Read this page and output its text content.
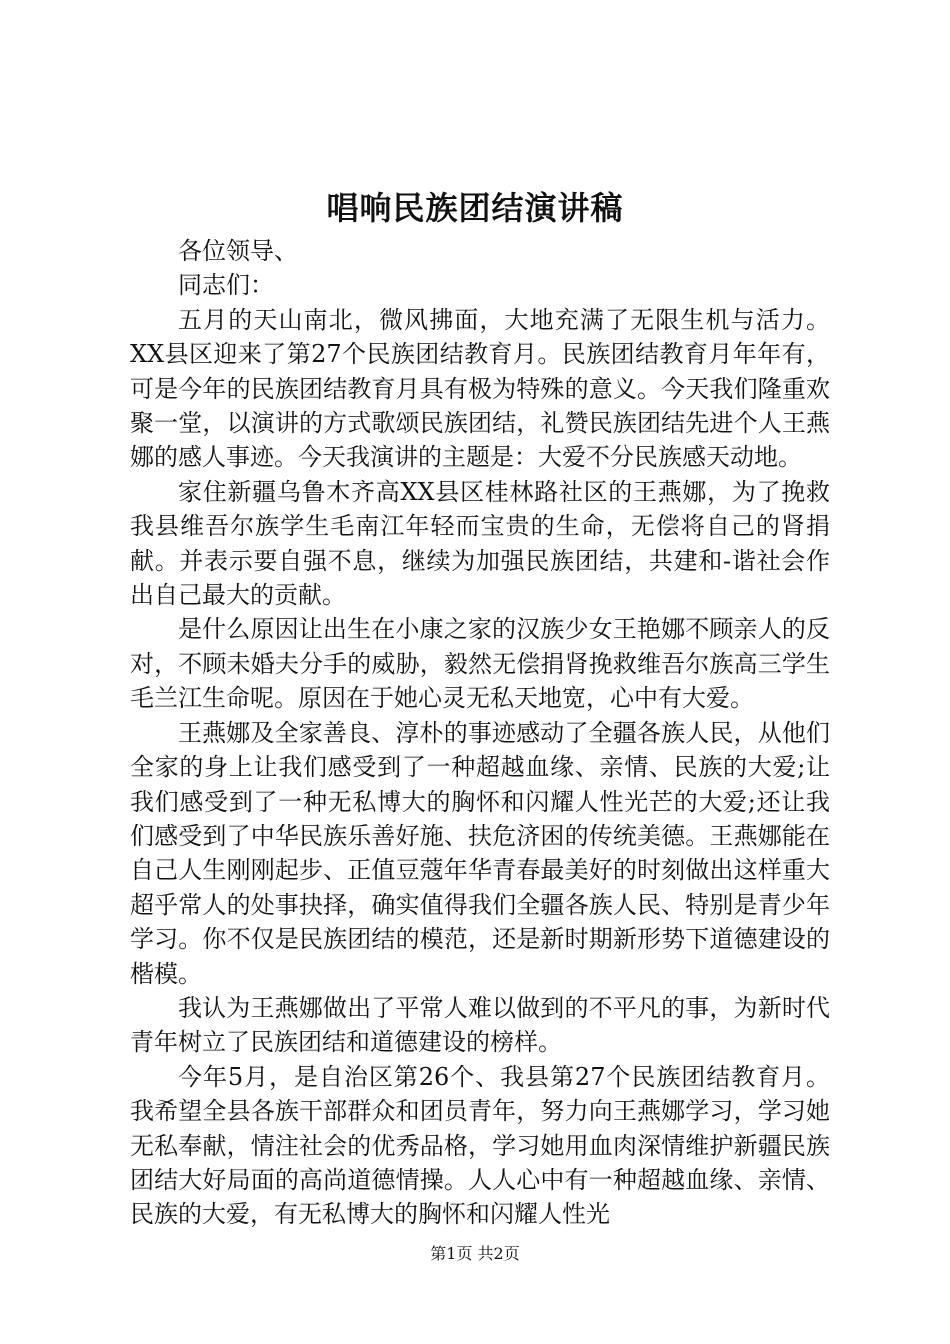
唱响民族团结演讲稿

各位领导、

同志们：

五月的天山南北，微风拂面，大地充满了无限生机与活力。XX县区迎来了第27个民族团结教育月。民族团结教育月年年有，可是今年的民族团结教育月具有极为特殊的意义。今天我们隆重欢聚一堂，以演讲的方式歌颂民族团结，礼赞民族团结先进个人王燕娜的感人事迹。今天我演讲的主题是：大爱不分民族感天动地。

家住新疆乌鲁木齐高XX县区桂林路社区的王燕娜，为了挽救我县维吾尔族学生毛南江年轻而宝贵的生命，无偿将自己的肾捐献。并表示要自强不息，继续为加强民族团结，共建和-谐社会作出自己最大的贡献。

是什么原因让出生在小康之家的汉族少女王艳娜不顾亲人的反对，不顾未婚夫分手的威胁，毅然无偿捐肾挽救维吾尔族高三学生毛兰江生命呢。原因在于她心灵无私天地宽，心中有大爱。

王燕娜及全家善良、淳朴的事迹感动了全疆各族人民，从他们全家的身上让我们感受到了一种超越血缘、亲情、民族的大爱;让我们感受到了一种无私博大的胸怀和闪耀人性光芒的大爱;还让我们感受到了中华民族乐善好施、扶危济困的传统美德。王燕娜能在自己人生刚刚起步、正值豆蔻年华青春最美好的时刻做出这样重大超乎常人的处事抉择，确实值得我们全疆各族人民、特别是青少年学习。你不仅是民族团结的模范，还是新时期新形势下道德建设的楷模。

我认为王燕娜做出了平常人难以做到的不平凡的事，为新时代青年树立了民族团结和道德建设的榜样。

今年5月，是自治区第26个、我县第27个民族团结教育月。我希望全县各族干部群众和团员青年，努力向王燕娜学习，学习她无私奉献，情注社会的优秀品格，学习她用血肉深情维护新疆民族团结大好局面的高尚道德情操。人人心中有一种超越血缘、亲情、民族的大爱，有无私博大的胸怀和闪耀人性光

第1页 共2页
